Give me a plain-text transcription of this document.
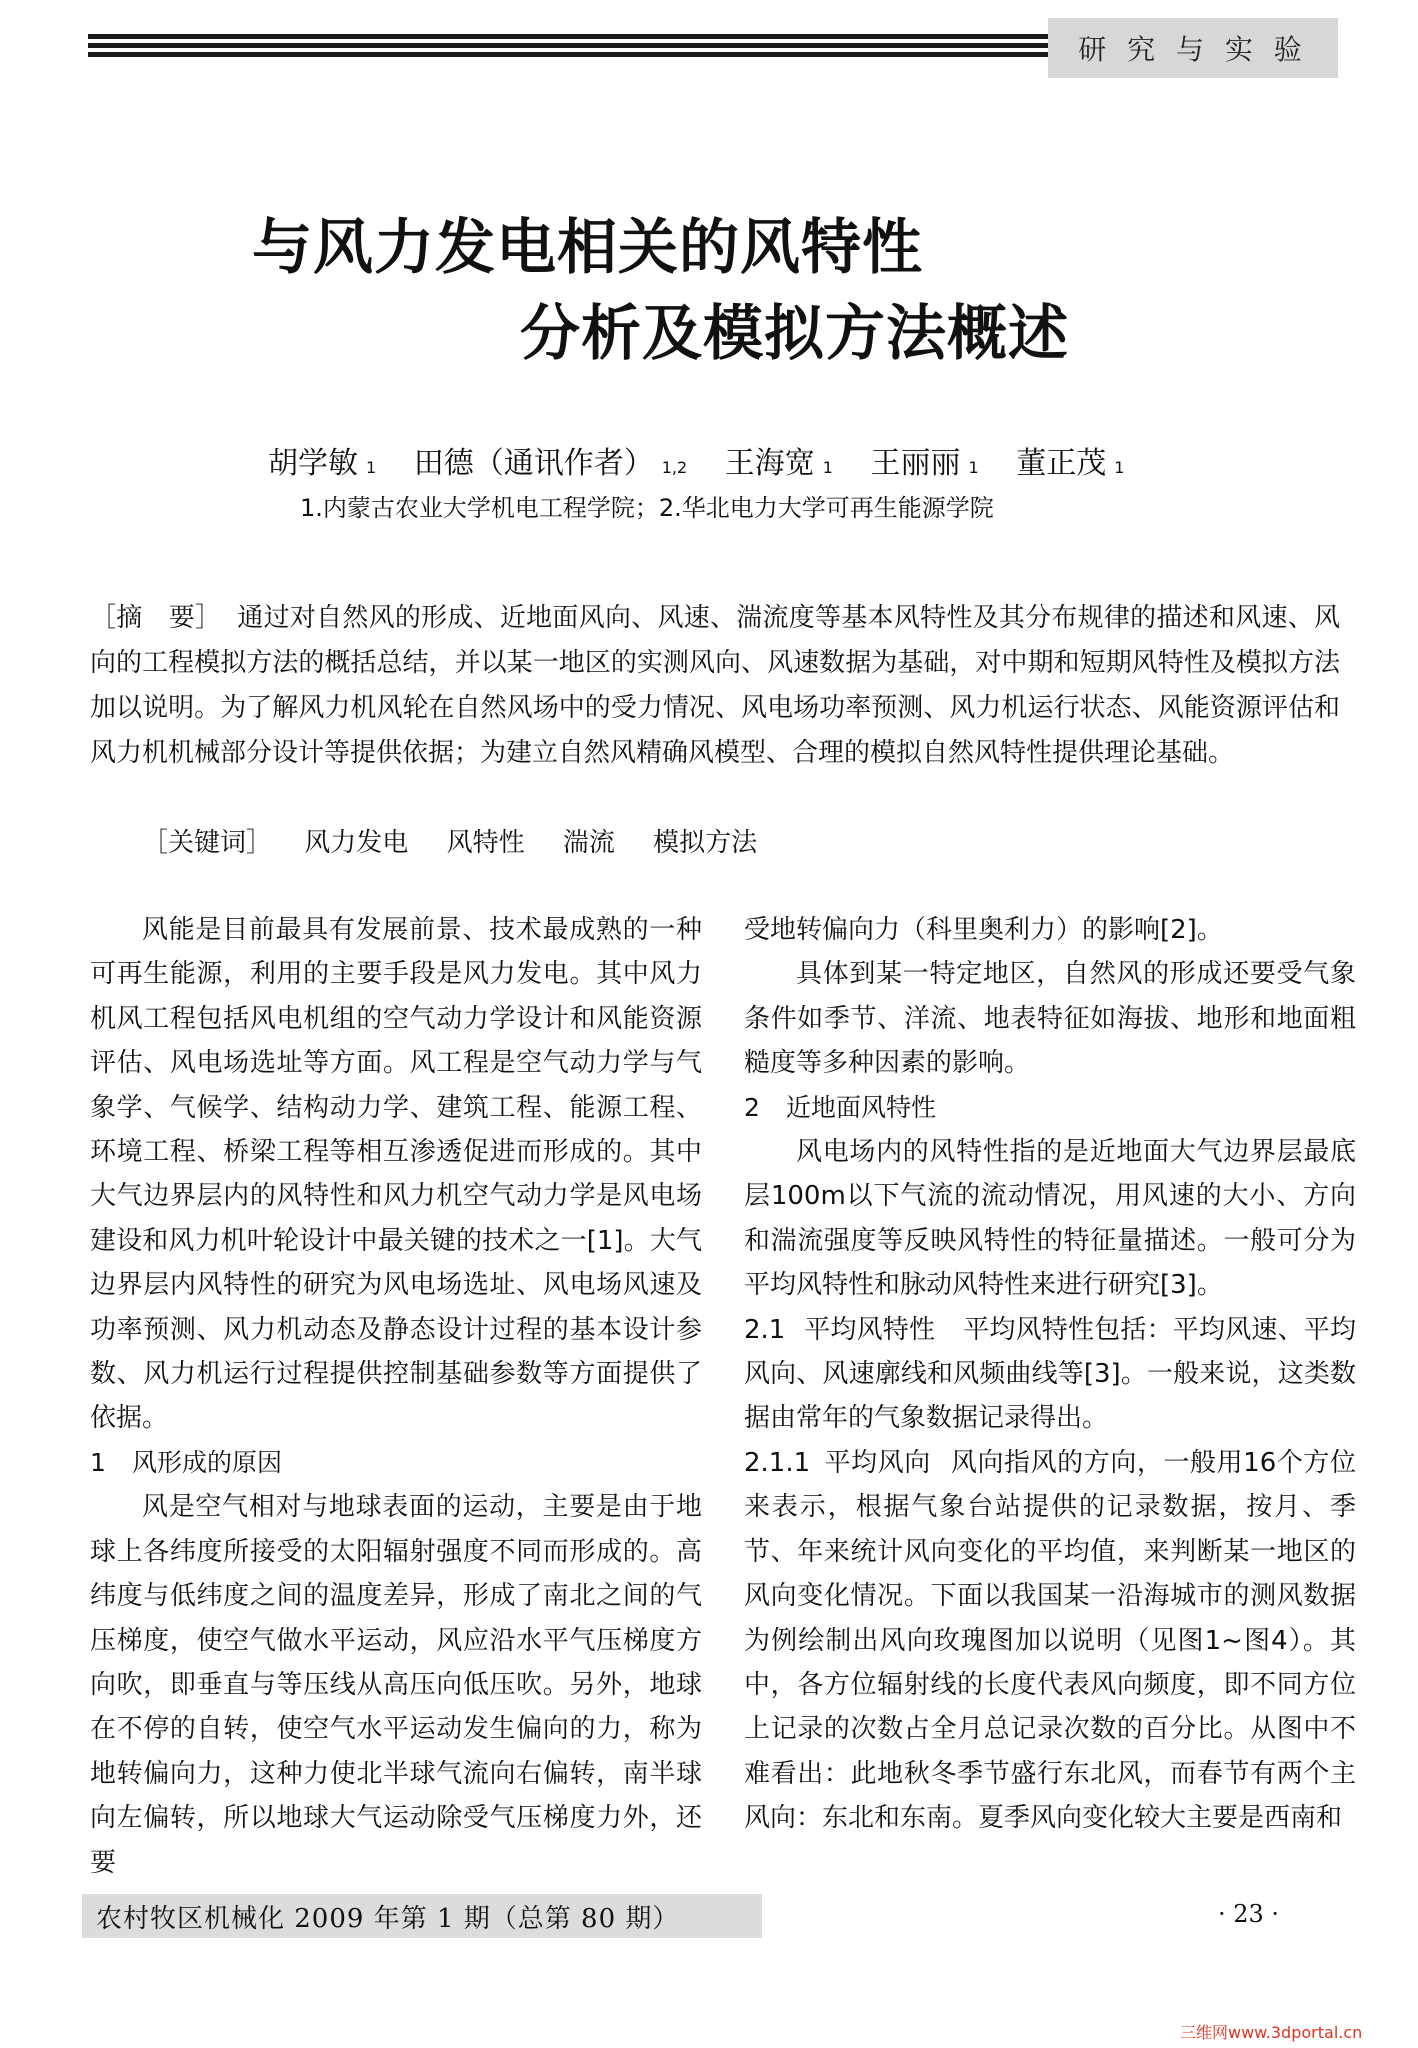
研 究 与 实 验
与风力发电相关的风特性
分析及模拟方法概述
胡学敏 1 田德（通讯作者） 1,2 王海宽 1 王丽丽 1 董正茂 1
1.内蒙古农业大学机电工程学院；2.华北电力大学可再生能源学院
［摘　要］ 通过对自然风的形成、近地面风向、风速、湍流度等基本风特性及其分布规律的描述和风速、风向的工程模拟方法的概括总结，并以某一地区的实测风向、风速数据为基础，对中期和短期风特性及模拟方法加以说明。为了解风力机风轮在自然风场中的受力情况、风电场功率预测、风力机运行状态、风能资源评估和风力机机械部分设计等提供依据；为建立自然风精确风模型、合理的模拟自然风特性提供理论基础。
［关键词］ 风力发电 风特性 湍流 模拟方法

风能是目前最具有发展前景、技术最成熟的一种可再生能源，利用的主要手段是风力发电。其中风力机风工程包括风电机组的空气动力学设计和风能资源评估、风电场选址等方面。风工程是空气动力学与气象学、气候学、结构动力学、建筑工程、能源工程、环境工程、桥梁工程等相互渗透促进而形成的。其中大气边界层内的风特性和风力机空气动力学是风电场建设和风力机叶轮设计中最关键的技术之一[1]。大气边界层内风特性的研究为风电场选址、风电场风速及功率预测、风力机动态及静态设计过程的基本设计参数、风力机运行过程提供控制基础参数等方面提供了依据。

1 风形成的原因

风是空气相对与地球表面的运动，主要是由于地球上各纬度所接受的太阳辐射强度不同而形成的。高纬度与低纬度之间的温度差异，形成了南北之间的气压梯度，使空气做水平运动，风应沿水平气压梯度方向吹，即垂直与等压线从高压向低压吹。另外，地球在不停的自转，使空气水平运动发生偏向的力，称为地转偏向力，这种力使北半球气流向右偏转，南半球向左偏转，所以地球大气运动除受气压梯度力外，还要

受地转偏向力（科里奥利力）的影响[2]。

具体到某一特定地区，自然风的形成还要受气象条件如季节、洋流、地表特征如海拔、地形和地面粗糙度等多种因素的影响。

2 近地面风特性

风电场内的风特性指的是近地面大气边界层最底层100m以下气流的流动情况，用风速的大小、方向和湍流强度等反映风特性的特征量描述。一般可分为平均风特性和脉动风特性来进行研究[3]。

2.1 平均风特性 平均风特性包括：平均风速、平均风向、风速廓线和风频曲线等[3]。一般来说，这类数据由常年的气象数据记录得出。
2.1.1 平均风向 风向指风的方向，一般用16个方位来表示，根据气象台站提供的记录数据，按月、季节、年来统计风向变化的平均值，来判断某一地区的风向变化情况。下面以我国某一沿海城市的测风数据为例绘制出风向玫瑰图加以说明（见图1~图4）。其中，各方位辐射线的长度代表风向频度，即不同方位上记录的次数占全月总记录次数的百分比。从图中不难看出：此地秋冬季节盛行东北风，而春节有两个主风向：东北和东南。夏季风向变化较大主要是西南和
农村牧区机械化 2009 年第 1 期（总第 80 期）	· 23 ·
三维网www.3dportal.cn
